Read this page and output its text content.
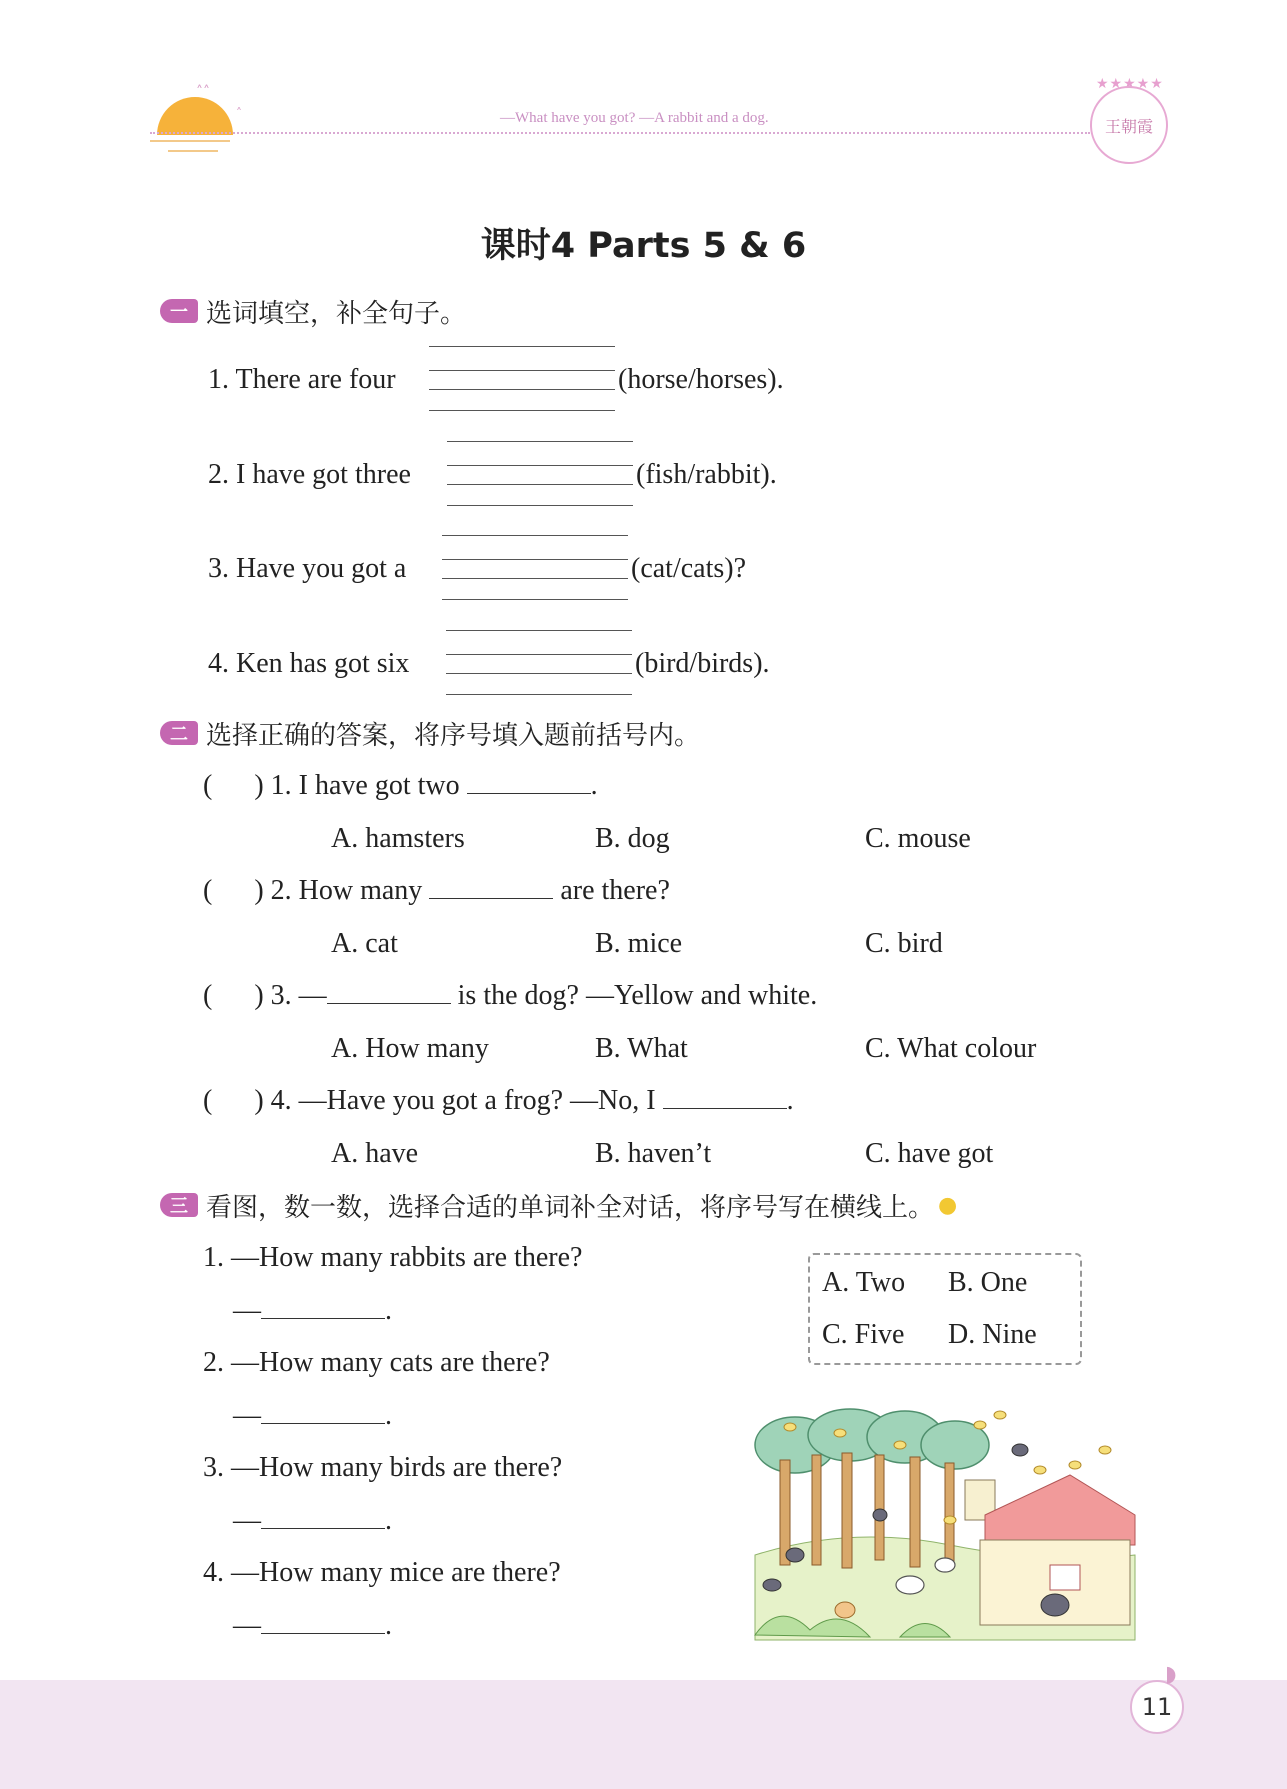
˄˄
˄	—What have you got? —A rabbit and a dog.
★★★★★
王朝霞
课时4 Parts 5 & 6
一 选词填空，补全句子。
1. There are four	(horse/horses).
2. I have got three	(fish/rabbit).
3. Have you got a	(cat/cats)?
4. Ken has got six	(bird/birds).
二 选择正确的答案，将序号填入题前括号内。
(      ) 1. I have got two	.
A. hamsters	B. dog	C. mouse
(      ) 2. How many	are there?
A. cat	B. mice	C. bird
(      ) 3. —	is the dog? —Yellow and white.
A. How many	B. What	C. What colour
(      ) 4. —Have you got a frog? —No, I	.
A. have	B. haven’t	C. have got
三 看图，数一数，选择合适的单词补全对话，将序号写在横线上。 ●
1. —How many rabbits are there?
—	.
2. —How many cats are there?
—	.
3. —How many birds are there?
—	.
4. —How many mice are there?
—	.
A. Two B. One
C. Five D. Nine
11
◗
